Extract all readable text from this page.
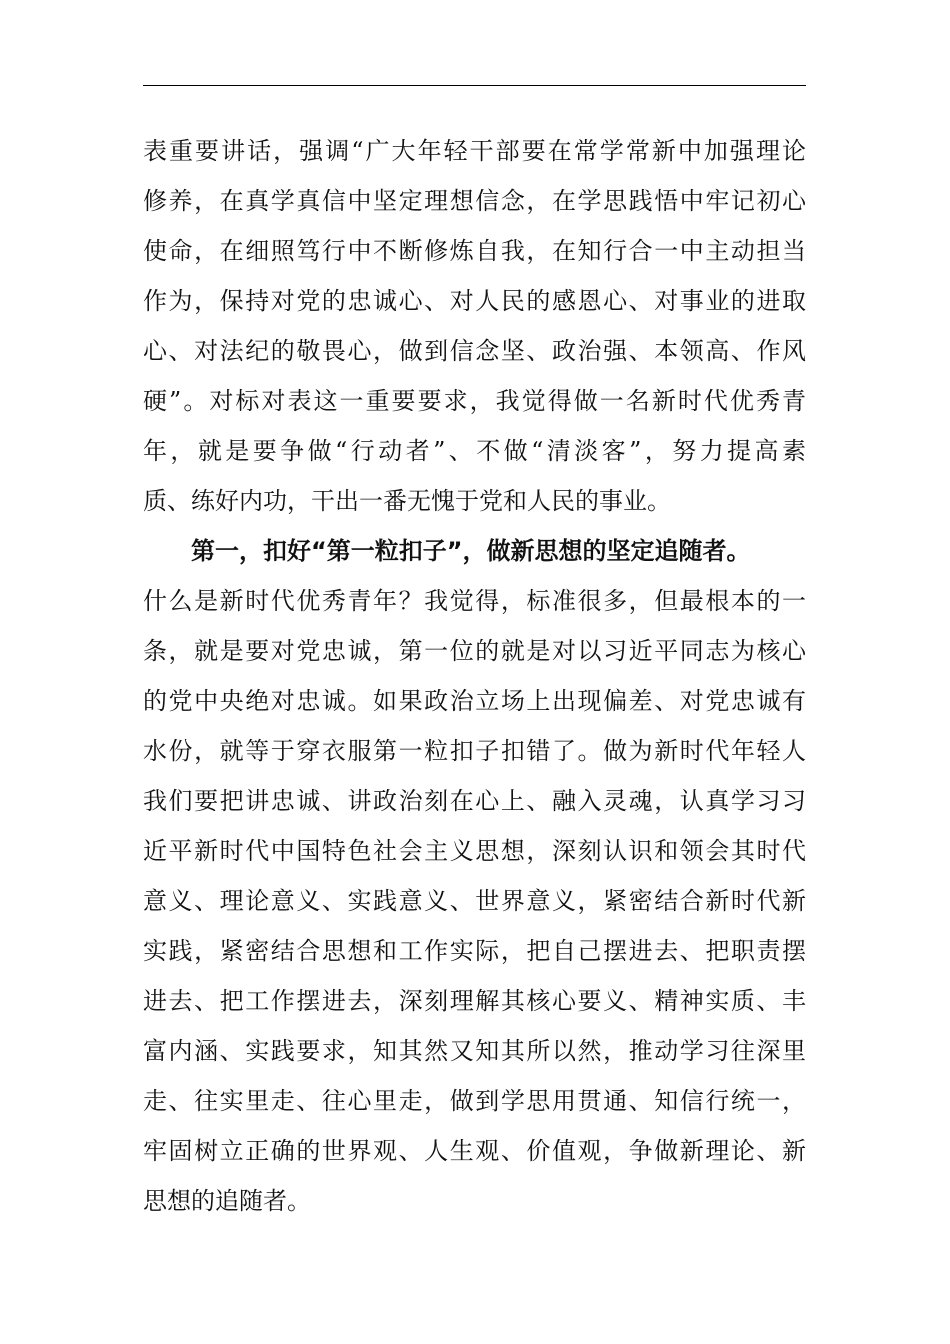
表重要讲话，强调“广大年轻干部要在常学常新中加强理论
修养，在真学真信中坚定理想信念，在学思践悟中牢记初心
使命，在细照笃行中不断修炼自我，在知行合一中主动担当
作为，保持对党的忠诚心、对人民的感恩心、对事业的进取
心、对法纪的敬畏心，做到信念坚、政治强、本领高、作风
硬”。对标对表这一重要要求，我觉得做一名新时代优秀青
年，就是要争做“行动者”、不做“清淡客”，努力提高素
质、练好内功，干出一番无愧于党和人民的事业。
第一，扣好“第一粒扣子”，做新思想的坚定追随者。
什么是新时代优秀青年？我觉得，标准很多，但最根本的一
条，就是要对党忠诚，第一位的就是对以习近平同志为核心
的党中央绝对忠诚。如果政治立场上出现偏差、对党忠诚有
水份，就等于穿衣服第一粒扣子扣错了。做为新时代年轻人
我们要把讲忠诚、讲政治刻在心上、融入灵魂，认真学习习
近平新时代中国特色社会主义思想，深刻认识和领会其时代
意义、理论意义、实践意义、世界意义，紧密结合新时代新
实践，紧密结合思想和工作实际，把自己摆进去、把职责摆
进去、把工作摆进去，深刻理解其核心要义、精神实质、丰
富内涵、实践要求，知其然又知其所以然，推动学习往深里
走、往实里走、往心里走，做到学思用贯通、知信行统一，
牢固树立正确的世界观、人生观、价值观，争做新理论、新
思想的追随者。
